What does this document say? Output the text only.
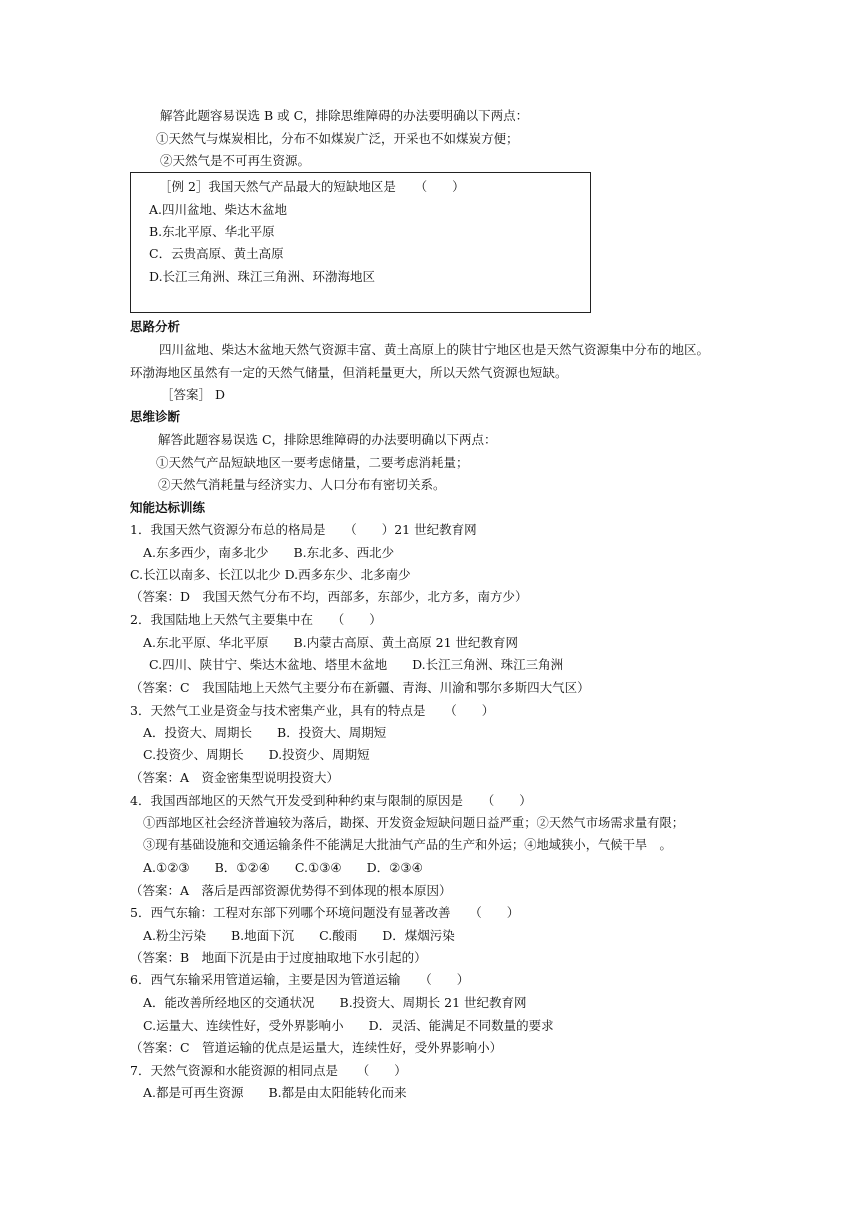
解答此题容易误选 B 或 C，排除思维障碍的办法要明确以下两点：
①天然气与煤炭相比，分布不如煤炭广泛，开采也不如煤炭方便；
②天然气是不可再生资源。
［例 2］我国天然气产品最大的短缺地区是　　（　　）
A.四川盆地、柴达木盆地
B.东北平原、华北平原
C．云贵高原、黄土高原
D.长江三角洲、珠江三角洲、环渤海地区
思路分析
四川盆地、柴达木盆地天然气资源丰富、黄土高原上的陕甘宁地区也是天然气资源集中分布的地区。
环渤海地区虽然有一定的天然气储量，但消耗量更大，所以天然气资源也短缺。
［答案］ D
思维诊断
解答此题容易误选 C，排除思维障碍的办法要明确以下两点：
①天然气产品短缺地区一要考虑储量，二要考虑消耗量；
②天然气消耗量与经济实力、人口分布有密切关系。
知能达标训练
1．我国天然气资源分布总的格局是　　（　　）21 世纪教育网
A.东多西少，南多北少　　B.东北多、西北少
C.长江以南多、长江以北少 D.西多东少、北多南少
（答案：D　我国天然气分布不均，西部多，东部少，北方多，南方少）
2．我国陆地上天然气主要集中在　　（　　）
A.东北平原、华北平原　　B.内蒙古高原、黄土高原 21 世纪教育网
C.四川、陕甘宁、柴达木盆地、塔里木盆地　　D.长江三角洲、珠江三角洲
（答案：C　我国陆地上天然气主要分布在新疆、青海、川渝和鄂尔多斯四大气区）
3．天然气工业是资金与技术密集产业，具有的特点是　　（　　）
A．投资大、周期长　　B．投资大、周期短
C.投资少、周期长　　D.投资少、周期短
（答案：A　资金密集型说明投资大）
4．我国西部地区的天然气开发受到种种约束与限制的原因是　　（　　）
①西部地区社会经济普遍较为落后，勘探、开发资金短缺问题日益严重；②天然气市场需求量有限；
③现有基础设施和交通运输条件不能满足大批油气产品的生产和外运；④地域狭小，气候干旱　。
A.①②③　　B．①②④　　C.①③④　　D．②③④
（答案：A　落后是西部资源优势得不到体现的根本原因）
5．西气东输：工程对东部下列哪个环境问题没有显著改善　　（　　）
A.粉尘污染　　B.地面下沉　　C.酸雨　　D．煤烟污染
（答案：B　地面下沉是由于过度抽取地下水引起的）
6．西气东输采用管道运输，主要是因为管道运输　　（　　）
A．能改善所经地区的交通状况　　B.投资大、周期长 21 世纪教育网
C.运量大、连续性好，受外界影响小　　D．灵活、能满足不同数量的要求
（答案：C　管道运输的优点是运量大，连续性好，受外界影响小）
7．天然气资源和水能资源的相同点是　　（　　）
A.都是可再生资源　　B.都是由太阳能转化而来
